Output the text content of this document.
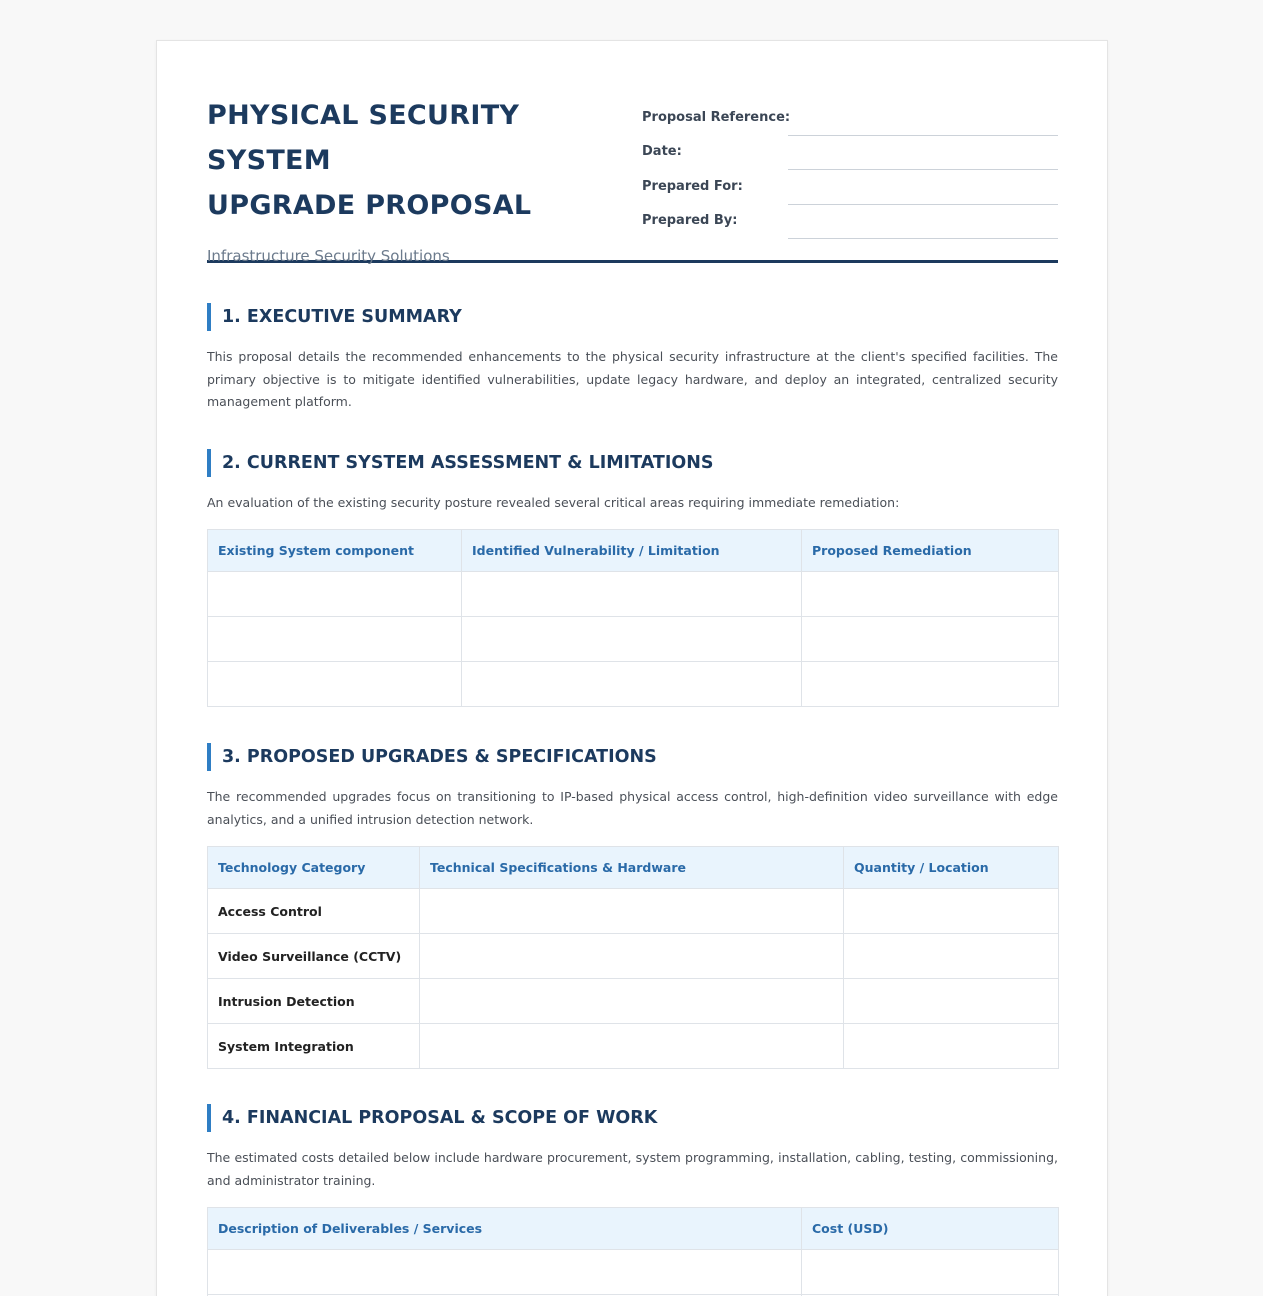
PHYSICAL SECURITY SYSTEM
UPGRADE PROPOSAL
Infrastructure Security Solutions
Proposal Reference:
Date:
Prepared For:
Prepared By:
1. EXECUTIVE SUMMARY
This proposal details the recommended enhancements to the physical security infrastructure at the client's specified facilities. The primary objective is to mitigate identified vulnerabilities, update legacy hardware, and deploy an integrated, centralized security management platform.
2. CURRENT SYSTEM ASSESSMENT & LIMITATIONS
An evaluation of the existing security posture revealed several critical areas requiring immediate remediation:
Existing System component	Identified Vulnerability / Limitation	Proposed Remediation

3. PROPOSED UPGRADES & SPECIFICATIONS
The recommended upgrades focus on transitioning to IP-based physical access control, high-definition video surveillance with edge analytics, and a unified intrusion detection network.
Technology Category	Technical Specifications & Hardware	Quantity / Location
Access Control		
Video Surveillance (CCTV)		
Intrusion Detection		
System Integration		
4. FINANCIAL PROPOSAL & SCOPE OF WORK
The estimated costs detailed below include hardware procurement, system programming, installation, cabling, testing, commissioning, and administrator training.
Description of Deliverables / Services	Cost (USD)
